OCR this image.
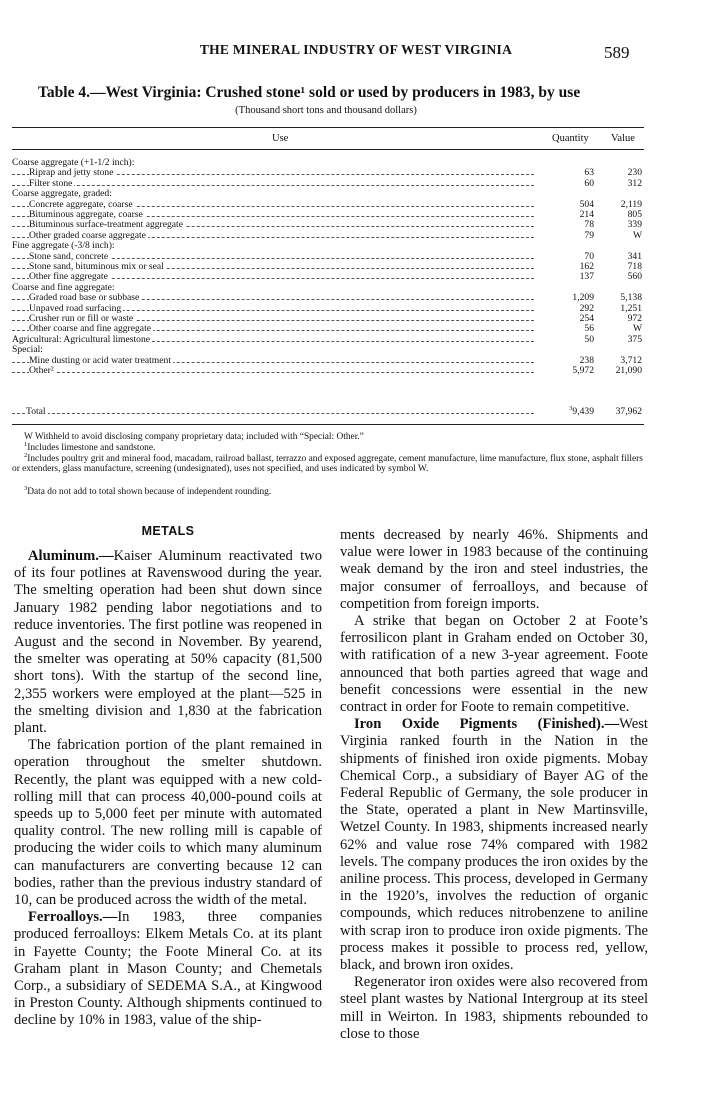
THE MINERAL INDUSTRY OF WEST VIRGINIA	589
Table 4.—West Virginia: Crushed stone¹ sold or used by producers in 1983, by use
(Thousand short tons and thousand dollars)
Use	Quantity Value
Coarse aggregate (+1-1/2 inch):
Riprap and jetty stone	63	230
Filter stone	60	312
Coarse aggregate, graded:
Concrete aggregate, coarse	504	2,119
Bituminous aggregate, coarse	214	805
Bituminous surface-treatment aggregate	78	339
Other graded coarse aggregate	79	W
Fine aggregate (-3/8 inch):
Stone sand, concrete	70	341
Stone sand, bituminous mix or seal	162	718
Other fine aggregate	137	560
Coarse and fine aggregate:
Graded road base or subbase	1,209	5,138
Unpaved road surfacing	292	1,251
Crusher run or fill or waste	254	972
Other coarse and fine aggregate	56	W
Agricultural: Agricultural limestone	50	375
Special:
Mine dusting or acid water treatment	238	3,712
Other²	5,972 21,090
Total	$^3$9,439 37,962
W Withheld to avoid disclosing company proprietary data; included with “Special: Other.”
$^1$Includes limestone and sandstone.
$^2$Includes poultry grit and mineral food, macadam, railroad ballast, terrazzo and exposed aggregate, cement manufacture, lime manufacture, flux stone, asphalt fillers or extenders, glass manufacture, screening (undesignated), uses not specified, and uses indicated by symbol W.
$^3$Data do not add to total shown because of independent rounding.
METALS

Aluminum.—Kaiser Aluminum reactivated two of its four potlines at Ravenswood during the year. The smelting operation had been shut down since January 1982 pending labor negotiations and to reduce inventories. The first potline was reopened in August and the second in November. By yearend, the smelter was operating at 50% capacity (81,500 short tons). With the startup of the second line, 2,355 workers were employed at the plant—525 in the smelting division and 1,830 at the fabrication plant.

The fabrication portion of the plant remained in operation throughout the smelter shutdown. Recently, the plant was equipped with a new cold-rolling mill that can process 40,000-pound coils at speeds up to 5,000 feet per minute with automated quality control. The new rolling mill is capable of producing the wider coils to which many aluminum can manufacturers are converting because 12 can bodies, rather than the previous industry standard of 10, can be produced across the width of the metal.

Ferroalloys.—In 1983, three companies produced ferroalloys: Elkem Metals Co. at its plant in Fayette County; the Foote Mineral Co. at its Graham plant in Mason County; and Chemetals Corp., a subsidiary of SEDEMA S.A., at Kingwood in Preston County. Although shipments continued to decline by 10% in 1983, value of the ship-

ments decreased by nearly 46%. Shipments and value were lower in 1983 because of the continuing weak demand by the iron and steel industries, the major consumer of ferroalloys, and because of competition from foreign imports.

A strike that began on October 2 at Foote’s ferrosilicon plant in Graham ended on October 30, with ratification of a new 3-year agreement. Foote announced that both parties agreed that wage and benefit concessions were essential in the new contract in order for Foote to remain competitive.

Iron Oxide Pigments (Finished).—West Virginia ranked fourth in the Nation in the shipments of finished iron oxide pigments. Mobay Chemical Corp., a subsidiary of Bayer AG of the Federal Republic of Germany, the sole producer in the State, operated a plant in New Martinsville, Wetzel County. In 1983, shipments increased nearly 62% and value rose 74% compared with 1982 levels. The company produces the iron oxides by the aniline process. This process, developed in Germany in the 1920’s, involves the reduction of organic compounds, which reduces nitrobenzene to aniline with scrap iron to produce iron oxide pigments. The process makes it possible to process red, yellow, black, and brown iron oxides.

Regenerator iron oxides were also recovered from steel plant wastes by National Intergroup at its steel mill in Weirton. In 1983, shipments rebounded to close to those
